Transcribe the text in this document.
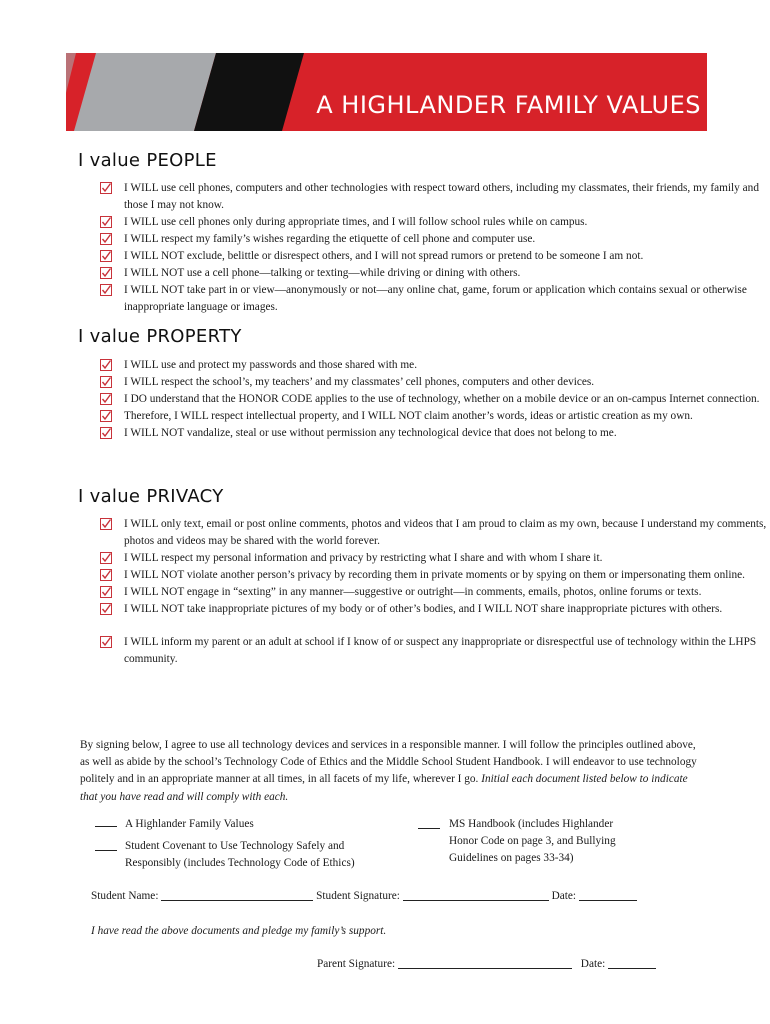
A HIGHLANDER FAMILY VALUES
I value PEOPLE
I WILL use cell phones, computers and other technologies with respect toward others, including my classmates, their friends, my family and those I may not know.
I WILL use cell phones only during appropriate times, and I will follow school rules while on campus.
I WILL respect my family’s wishes regarding the etiquette of cell phone and computer use.
I WILL NOT exclude, belittle or disrespect others, and I will not spread rumors or pretend to be someone I am not.
I WILL NOT use a cell phone—talking or texting—while driving or dining with others.
I WILL NOT take part in or view—anonymously or not—any online chat, game, forum or application which contains sexual or otherwise inappropriate language or images.
I value PROPERTY
I WILL use and protect my passwords and those shared with me.
I WILL respect the school’s, my teachers’ and my classmates’ cell phones, computers and other devices.
I DO understand that the HONOR CODE applies to the use of technology, whether on a mobile device or an on-campus Internet connection.
Therefore, I WILL respect intellectual property, and I WILL NOT claim another’s words, ideas or artistic creation as my own.
I WILL NOT vandalize, steal or use without permission any technological device that does not belong to me.
I value PRIVACY
I WILL only text, email or post online comments, photos and videos that I am proud to claim as my own, because I understand my comments, photos and videos may be shared with the world forever.
I WILL respect my personal information and privacy by restricting what I share and with whom I share it.
I WILL NOT violate another person’s privacy by recording them in private moments or by spying on them or impersonating them online.
I WILL NOT engage in “sexting” in any manner—suggestive or outright—in comments, emails, photos, online forums or texts.
I WILL NOT take inappropriate pictures of my body or of other’s bodies, and I WILL NOT share inappropriate pictures with others.
I WILL inform my parent or an adult at school if I know of or suspect any inappropriate or disrespectful use of technology within the LHPS community.
By signing below, I agree to use all technology devices and services in a responsible manner. I will follow the principles outlined above, as well as abide by the school’s Technology Code of Ethics and the Middle School Student Handbook. I will endeavor to use technology politely and in an appropriate manner at all times, in all facets of my life, wherever I go. Initial each document listed below to indicate that you have read and will comply with each.
A Highlander Family Values
Student Covenant to Use Technology Safely and Responsibly (includes Technology Code of Ethics)
MS Handbook (includes Highlander Honor Code on page 3, and Bullying Guidelines on pages 33-34)
Student Name:	Student Signature:	Date:
I have read the above documents and pledge my family’s support.
Parent Signature:	Date:
